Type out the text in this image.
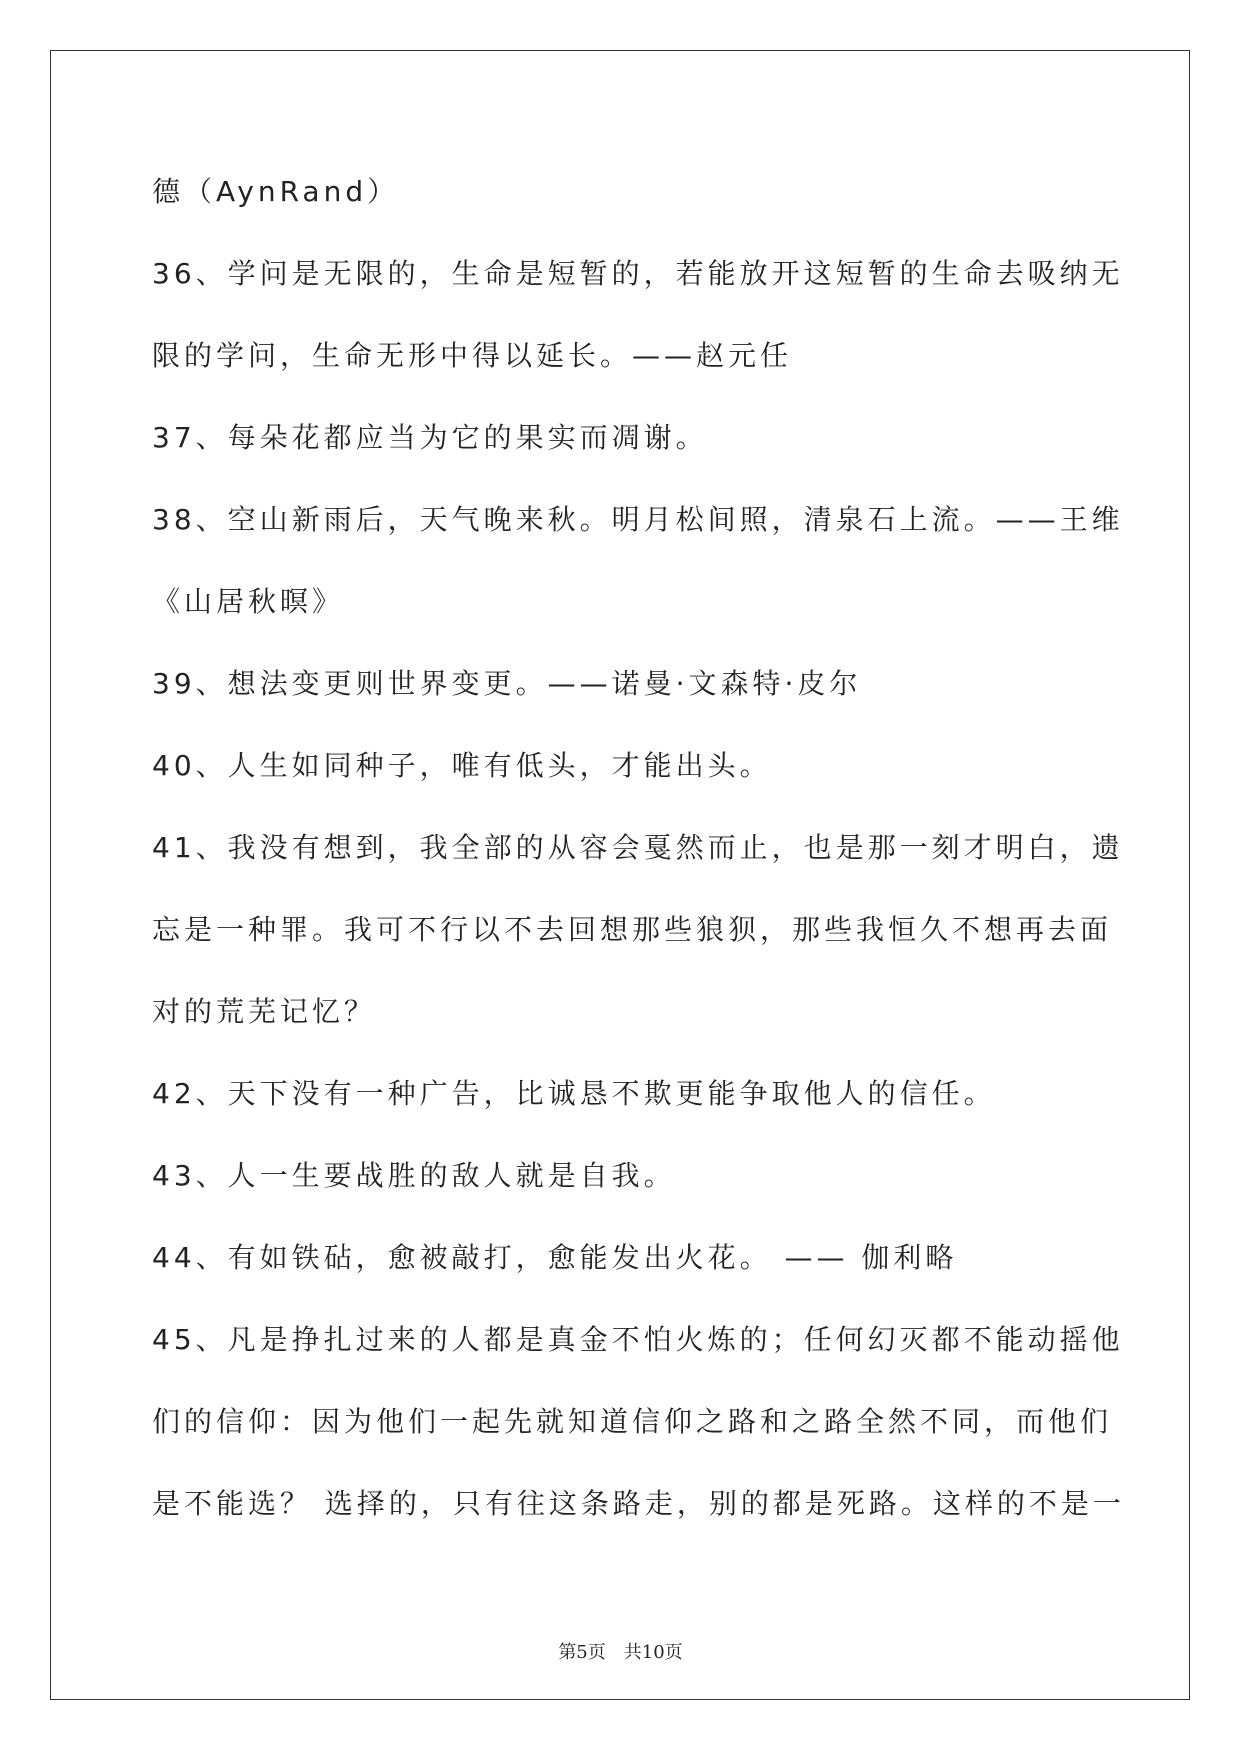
德（AynRand）
36、学问是无限的，生命是短暂的，若能放开这短暂的生命去吸纳无
限的学问，生命无形中得以延长。——赵元任
37、每朵花都应当为它的果实而凋谢。
38、空山新雨后，天气晚来秋。明月松间照，清泉石上流。——王维
《山居秋暝》
39、想法变更则世界变更。——诺曼·文森特·皮尔
40、人生如同种子，唯有低头，才能出头。
41、我没有想到，我全部的从容会戛然而止，也是那一刻才明白，遗
忘是一种罪。我可不行以不去回想那些狼狈，那些我恒久不想再去面
对的荒芜记忆？
42、天下没有一种广告，比诚恳不欺更能争取他人的信任。
43、人一生要战胜的敌人就是自我。
44、有如铁砧，愈被敲打，愈能发出火花。 —— 伽利略
45、凡是挣扎过来的人都是真金不怕火炼的；任何幻灭都不能动摇他
们的信仰：因为他们一起先就知道信仰之路和之路全然不同，而他们
是不能选？ 选择的，只有往这条路走，别的都是死路。这样的不是一
第5页　共10页
